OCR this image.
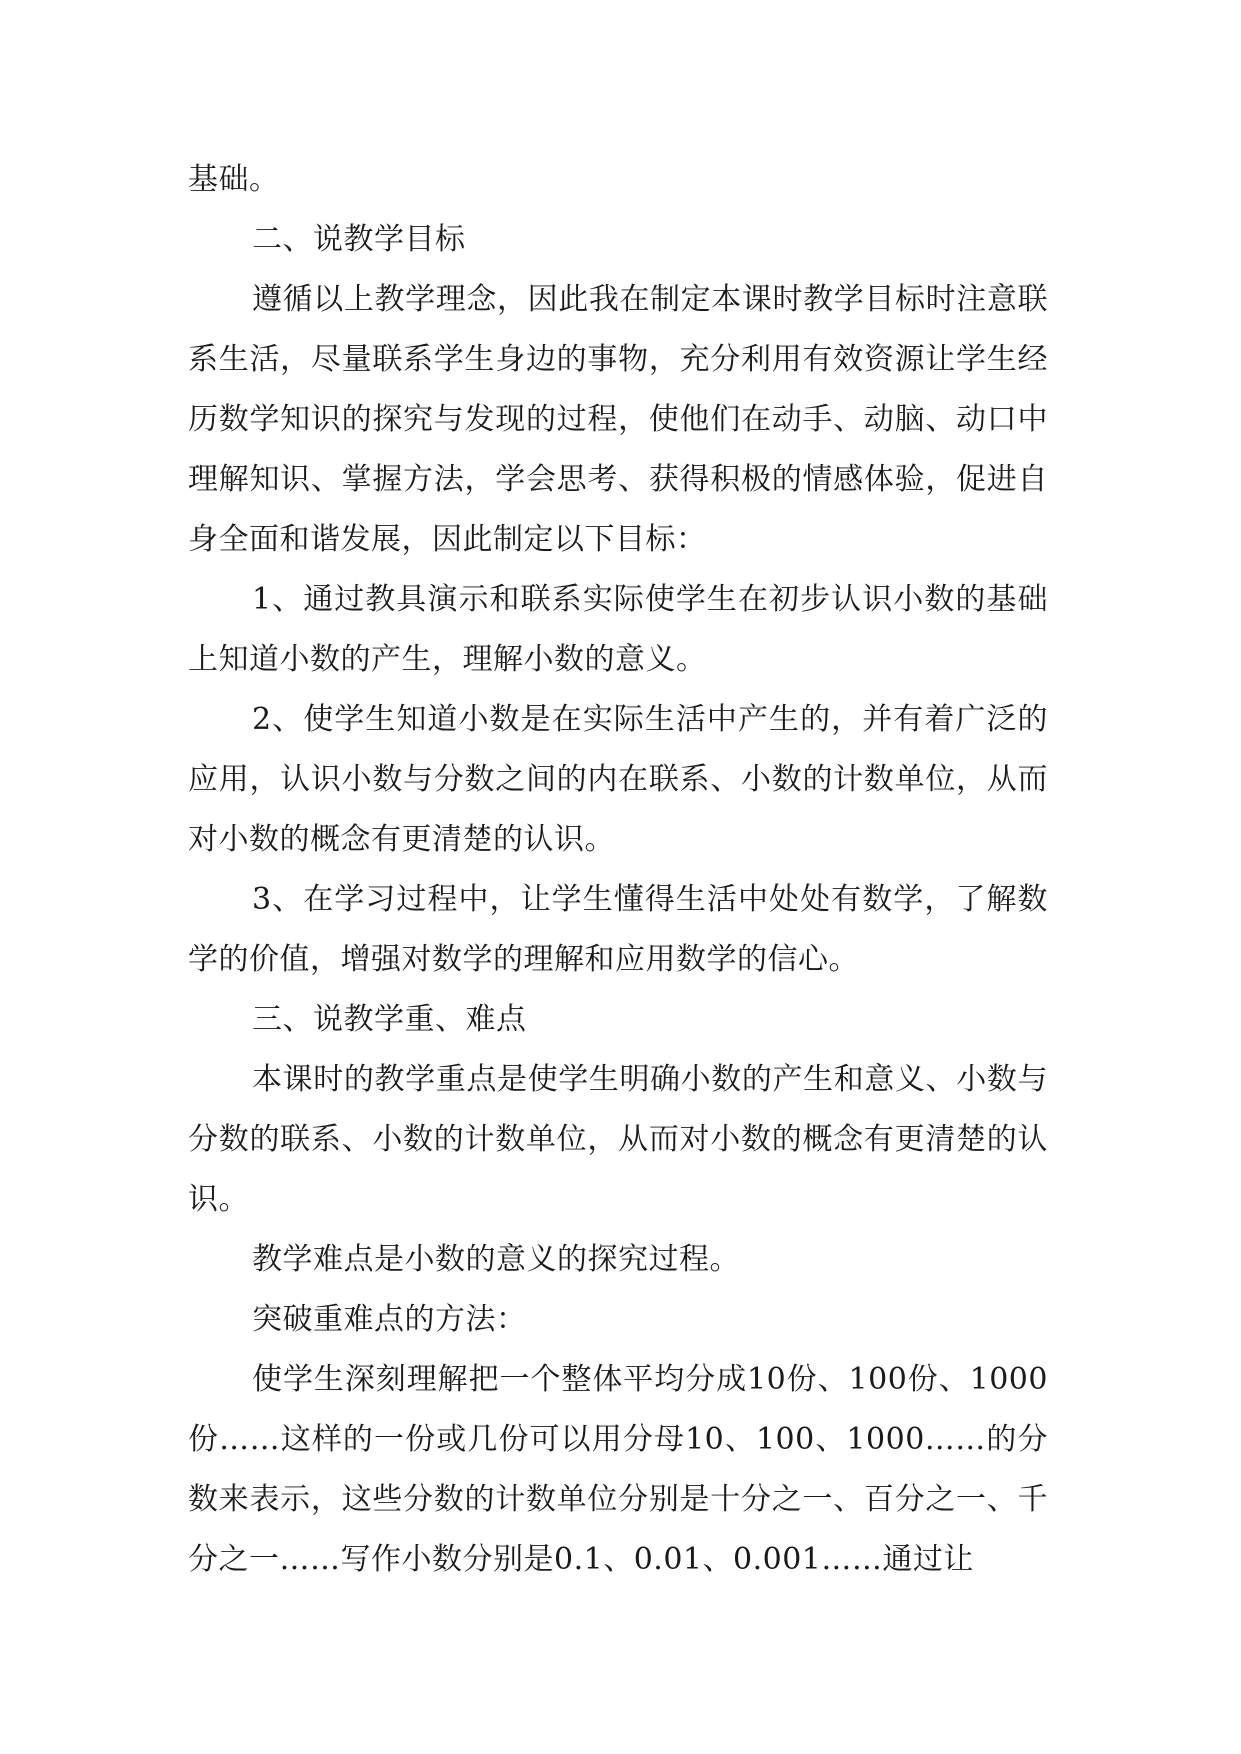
基础。

二、说教学目标

遵循以上教学理念，因此我在制定本课时教学目标时注意联系生活，尽量联系学生身边的事物，充分利用有效资源让学生经历数学知识的探究与发现的过程，使他们在动手、动脑、动口中理解知识、掌握方法，学会思考、获得积极的情感体验，促进自身全面和谐发展，因此制定以下目标：

1、通过教具演示和联系实际使学生在初步认识小数的基础上知道小数的产生，理解小数的意义。

2、使学生知道小数是在实际生活中产生的，并有着广泛的应用，认识小数与分数之间的内在联系、小数的计数单位，从而对小数的概念有更清楚的认识。

3、在学习过程中，让学生懂得生活中处处有数学，了解数学的价值，增强对数学的理解和应用数学的信心。

三、说教学重、难点

本课时的教学重点是使学生明确小数的产生和意义、小数与分数的联系、小数的计数单位，从而对小数的概念有更清楚的认识。

教学难点是小数的意义的探究过程。

突破重难点的方法：

使学生深刻理解把一个整体平均分成10份、100份、1000份……这样的一份或几份可以用分母10、100、1000……的分数来表示，这些分数的计数单位分别是十分之一、百分之一、千分之一……写作小数分别是0.1、0.01、0.001……通过让
